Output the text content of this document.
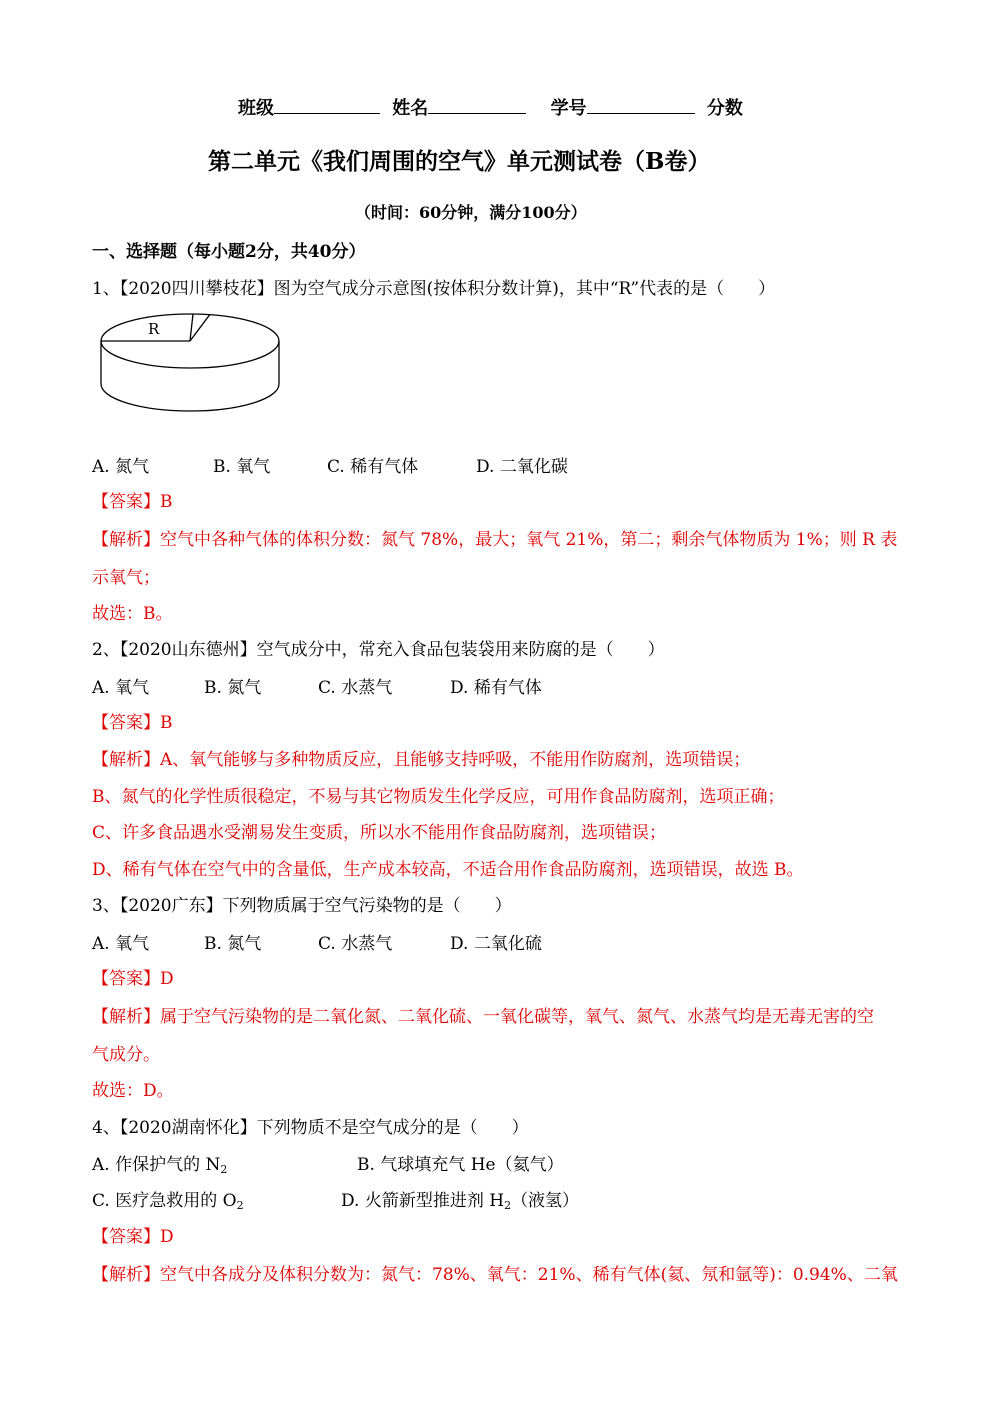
班级	姓名	学号	分数
第二单元《我们周围的空气》单元测试卷（B卷）
（时间：60分钟，满分100分）
一、选择题（每小题2分，共40分）
1、【2020四川攀枝花】图为空气成分示意图(按体积分数计算)，其中“R”代表的是（　　）
R
A. 氮气	B. 氧气	C. 稀有气体	D. 二氧化碳
【答案】B
【解析】空气中各种气体的体积分数：氮气 78%，最大；氧气 21%，第二；剩余气体物质为 1%；则 R 表
示氧气；
故选：B。
2、【2020山东德州】空气成分中，常充入食品包装袋用来防腐的是（　　）
A. 氧气	B. 氮气	C. 水蒸气	D. 稀有气体
【答案】B
【解析】A、氧气能够与多种物质反应，且能够支持呼吸，不能用作防腐剂，选项错误；
B、氮气的化学性质很稳定，不易与其它物质发生化学反应，可用作食品防腐剂，选项正确；
C、许多食品遇水受潮易发生变质，所以水不能用作食品防腐剂，选项错误；
D、稀有气体在空气中的含量低，生产成本较高，不适合用作食品防腐剂，选项错误，故选 B。
3、【2020广东】下列物质属于空气污染物的是（　　）
A. 氧气	B. 氮气	C. 水蒸气	D. 二氧化硫
【答案】D
【解析】属于空气污染物的是二氧化氮、二氧化硫、一氧化碳等，氧气、氮气、水蒸气均是无毒无害的空
气成分。
故选：D。
4、【2020湖南怀化】下列物质不是空气成分的是（　　）
A. 作保护气的 $N_2$	B. 气球填充气 He（氦气）
C. 医疗急救用的 $O_2$	D. 火箭新型推进剂 $H_2$（液氢）
【答案】D
【解析】空气中各成分及体积分数为：氮气：78%、氧气：21%、稀有气体(氦、氖和氩等)：0.94%、二氧
